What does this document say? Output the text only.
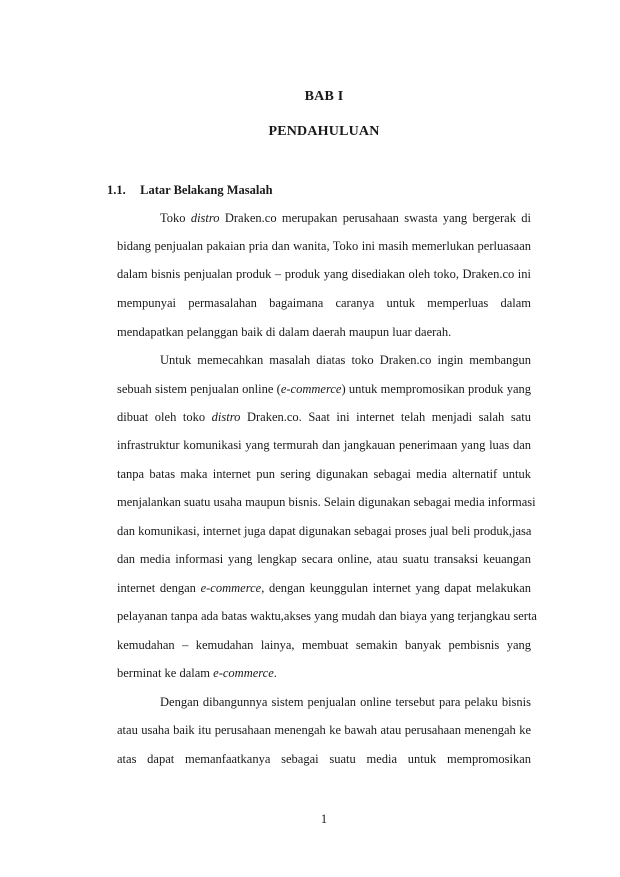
BAB I
PENDAHULUAN
1.1. Latar Belakang Masalah
Toko distro Draken.co merupakan perusahaan swasta yang bergerak di
bidang penjualan pakaian pria dan wanita, Toko ini masih memerlukan perluasaan
dalam bisnis penjualan produk – produk yang disediakan oleh toko, Draken.co ini
mempunyai permasalahan bagaimana caranya untuk memperluas dalam
mendapatkan pelanggan baik di dalam daerah maupun luar daerah.
Untuk memecahkan masalah diatas toko Draken.co ingin membangun
sebuah sistem penjualan online (e-commerce) untuk mempromosikan produk yang
dibuat oleh toko distro Draken.co. Saat ini internet telah menjadi salah satu
infrastruktur komunikasi yang termurah dan jangkauan penerimaan yang luas dan
tanpa batas maka internet pun sering digunakan sebagai media alternatif untuk
menjalankan suatu usaha maupun bisnis. Selain digunakan sebagai media informasi
dan komunikasi, internet juga dapat digunakan sebagai proses jual beli produk,jasa
dan media informasi yang lengkap secara online, atau suatu transaksi keuangan
internet dengan e-commerce, dengan keunggulan internet yang dapat melakukan
pelayanan tanpa ada batas waktu,akses yang mudah dan biaya yang terjangkau serta
kemudahan – kemudahan lainya, membuat semakin banyak pembisnis yang
berminat ke dalam e-commerce.
Dengan dibangunnya sistem penjualan online tersebut para pelaku bisnis
atau usaha baik itu perusahaan menengah ke bawah atau perusahaan menengah ke
atas dapat memanfaatkanya sebagai suatu media untuk mempromosikan
1
